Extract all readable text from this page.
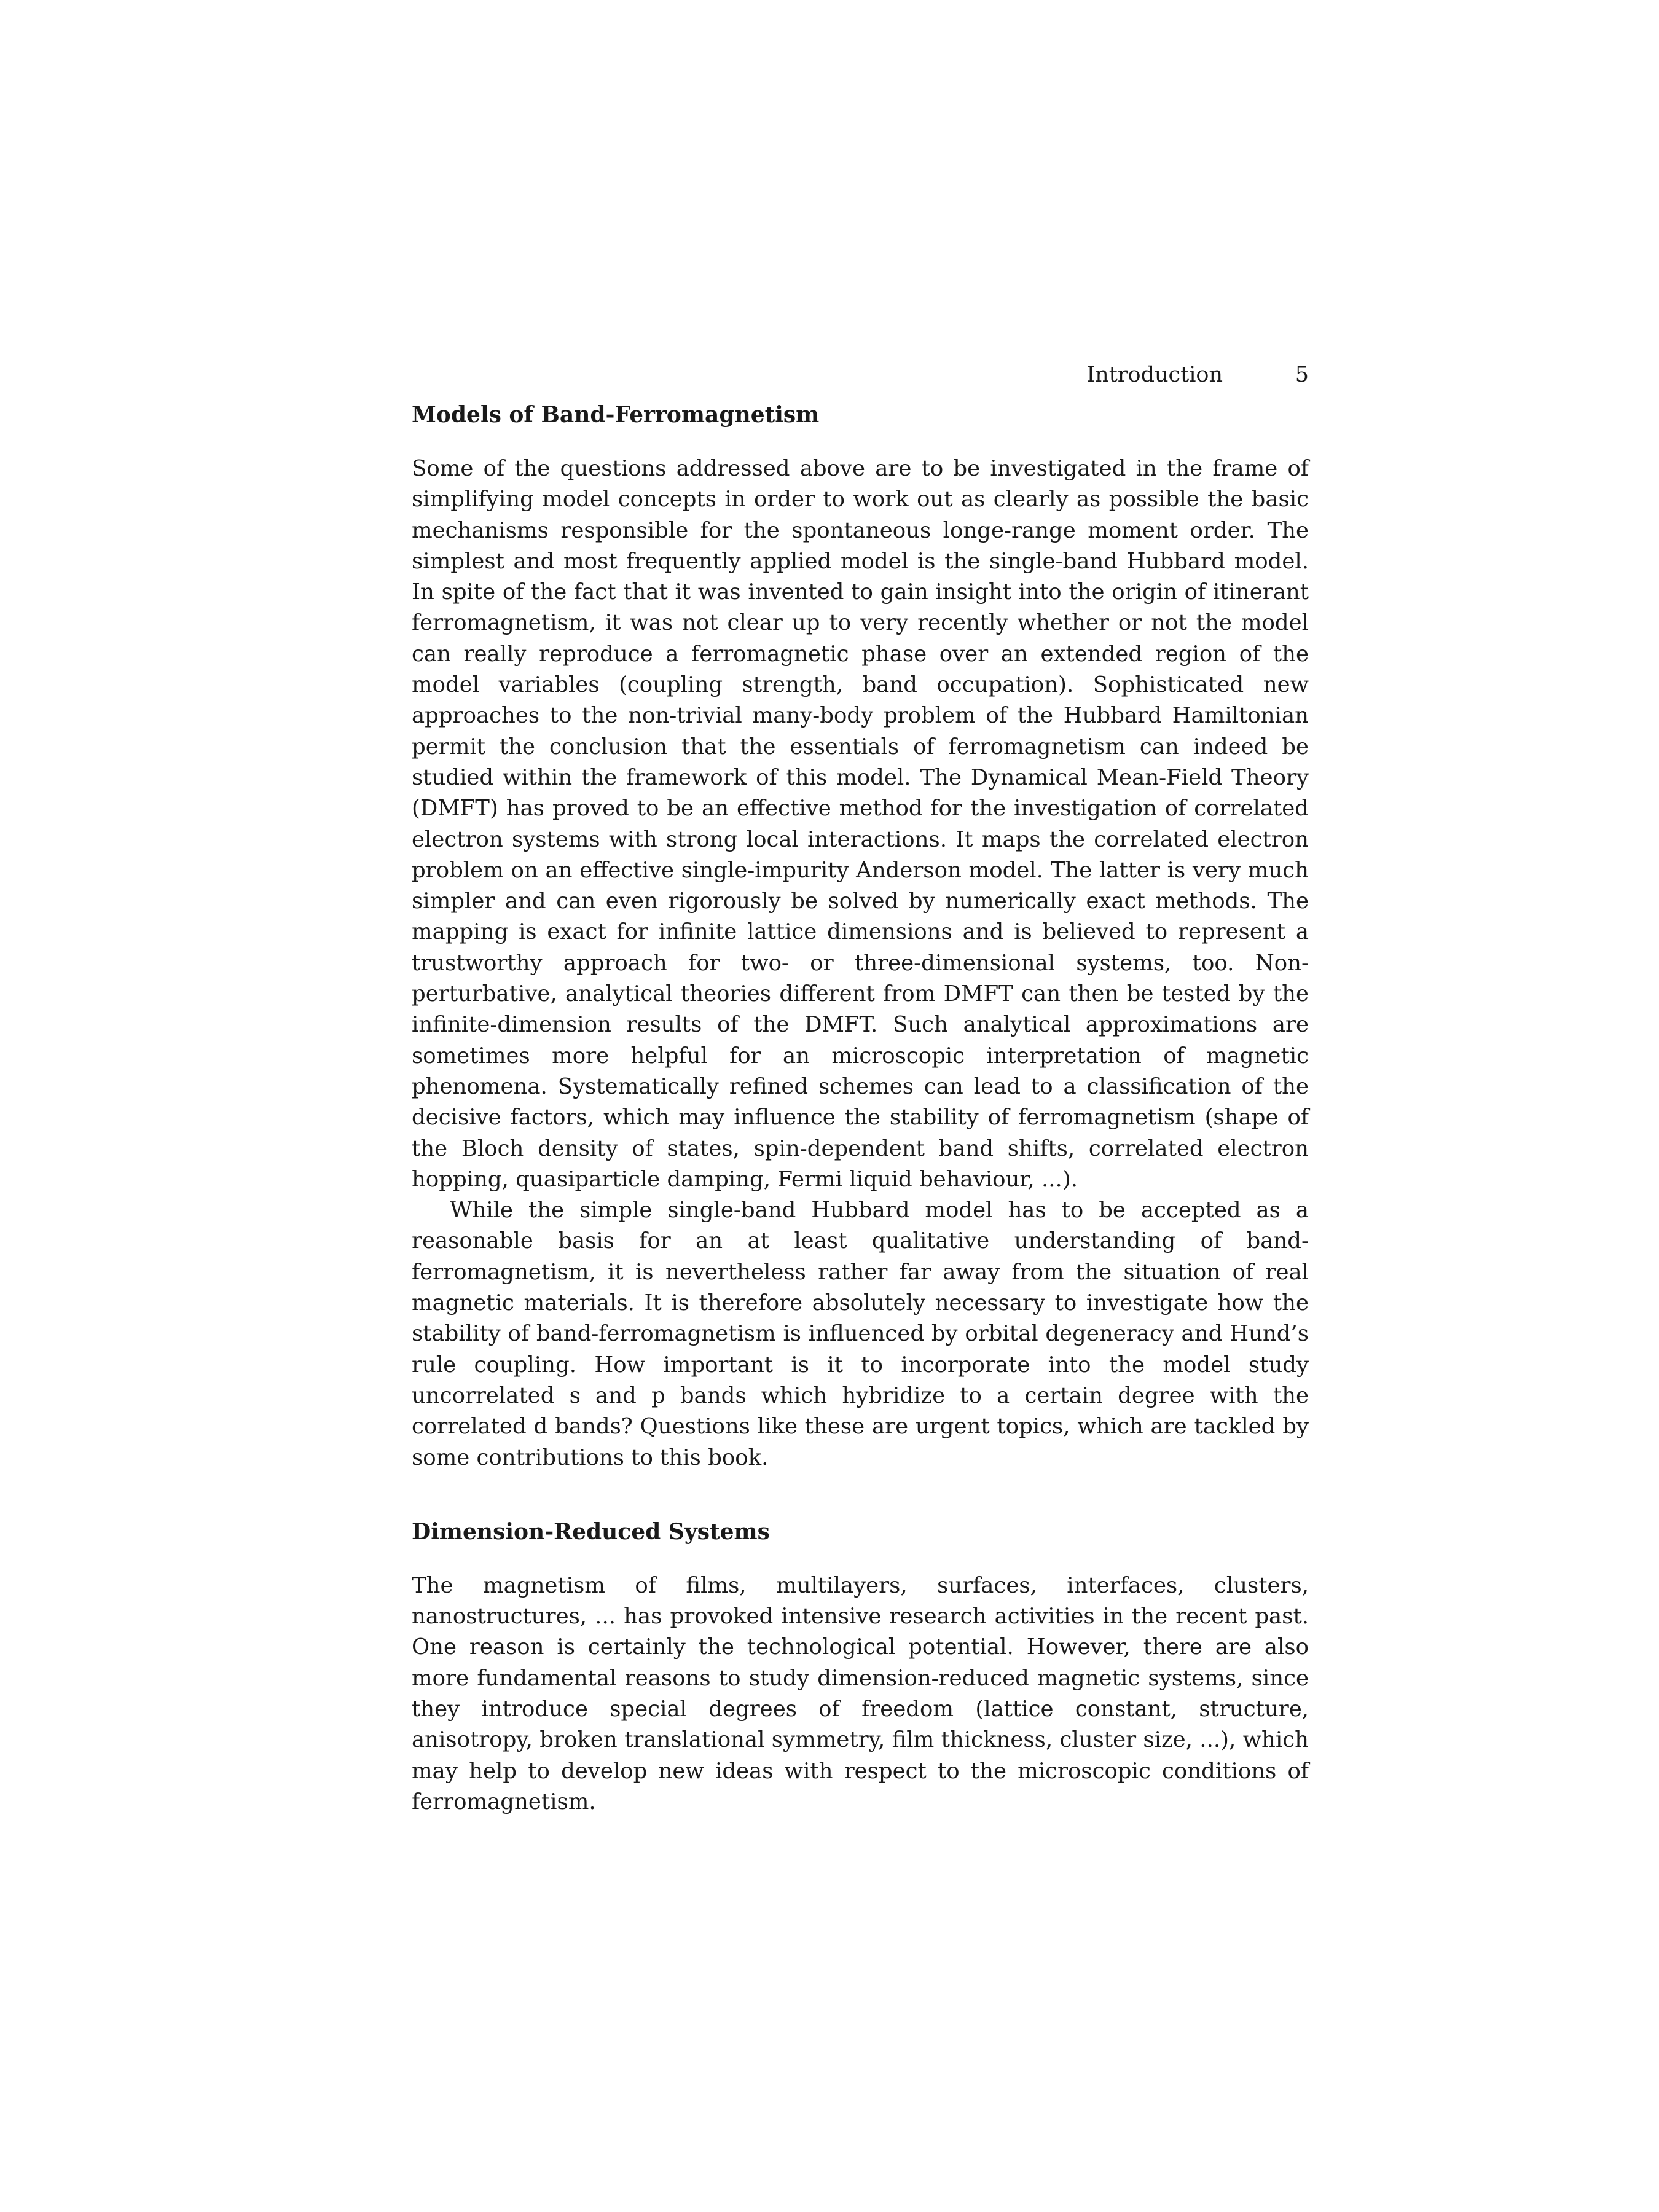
Introduction	5
Models of Band-Ferromagnetism

Some of the questions addressed above are to be investigated in the frame of simplifying model concepts in order to work out as clearly as possible the basic mechanisms responsible for the spontaneous longe-range moment order. The simplest and most frequently applied model is the single-band Hubbard model. In spite of the fact that it was invented to gain insight into the origin of itinerant ferromagnetism, it was not clear up to very recently whether or not the model can really reproduce a ferromagnetic phase over an extended region of the model variables (coupling strength, band occupation). Sophisticated new approaches to the non-trivial many-body problem of the Hubbard Hamiltonian permit the conclusion that the essentials of ferromagnetism can indeed be studied within the framework of this model. The Dynamical Mean-Field Theory (DMFT) has proved to be an effective method for the investigation of correlated electron systems with strong local interactions. It maps the correlated electron problem on an effective single-impurity Anderson model. The latter is very much simpler and can even rigorously be solved by numerically exact methods. The mapping is exact for infinite lattice dimensions and is believed to represent a trustworthy approach for two- or three-dimensional systems, too. Non-perturbative, analytical theories different from DMFT can then be tested by the infinite-dimension results of the DMFT. Such analytical approximations are sometimes more helpful for an microscopic interpretation of magnetic phenomena. Systematically refined schemes can lead to a classification of the decisive factors, which may influence the stability of ferromagnetism (shape of the Bloch density of states, spin-dependent band shifts, correlated electron hopping, quasiparticle damping, Fermi liquid behaviour, ...).

While the simple single-band Hubbard model has to be accepted as a reasonable basis for an at least qualitative understanding of band-ferromagnetism, it is nevertheless rather far away from the situation of real magnetic materials. It is therefore absolutely necessary to investigate how the stability of band-ferromagnetism is influenced by orbital degeneracy and Hund’s rule coupling. How important is it to incorporate into the model study uncorrelated s and p bands which hybridize to a certain degree with the correlated d bands? Questions like these are urgent topics, which are tackled by some contributions to this book.

Dimension-Reduced Systems

The magnetism of films, multilayers, surfaces, interfaces, clusters, nanostructures, ... has provoked intensive research activities in the recent past. One reason is certainly the technological potential. However, there are also more fundamental reasons to study dimension-reduced magnetic systems, since they introduce special degrees of freedom (lattice constant, structure, anisotropy, broken translational symmetry, film thickness, cluster size, ...), which may help to develop new ideas with respect to the microscopic conditions of ferromagnetism.
